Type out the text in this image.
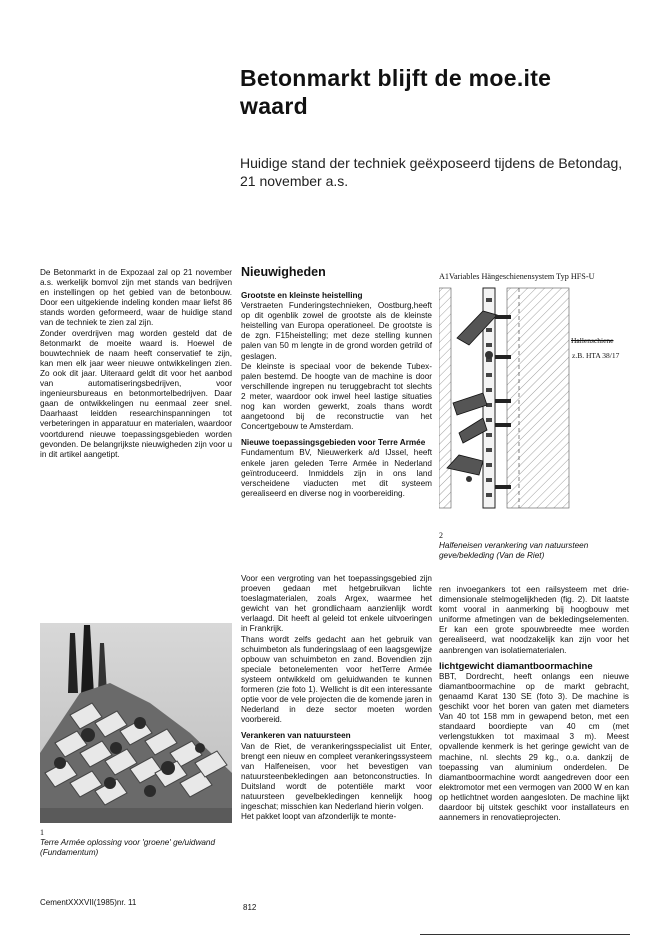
Betonmarkt blijft de moe.ite waard
Huidige stand der techniek geëxposeerd tijdens de Betondag, 21 november a.s.

De Betonmarkt in de Expozaal zal op 21 november a.s. werkelijk bomvol zijn met stands van bedrijven en instellingen op het gebied van de betonbouw. Door een uitgekiende indeling konden maar liefst 86 stands worden geformeerd, waar de huidige stand van de techniek te zien zal zijn.

Zonder overdrijven mag worden gesteld dat de 8etonmarkt de moeite waard is. Hoewel de bouwtechniek de naam heeft conservatief te zijn, kan men elk jaar weer nieuwe ontwikkelingen zien. Zo ook dit jaar. Uiteraard geldt dit voor het aanbod van automatiseringsbedrijven, voor ingenieursbureaus en betonmortelbedrijven. Daar gaan de ontwikkelingen nu eenmaal zeer snel. Daarhaast leidden researchinspanningen tot verbeteringen in apparatuur en materialen, waardoor voortdurend nieuwe toepassingsgebieden worden gevonden. De belangrijkste nieuwigheden zijn voor u in dit artikel aangetipt.

1
Terre Armée oplossing voor 'groene' ge/uidwand (Fundamentum)
Nieuwigheden

Grootste en kleinste heistelling

Verstraeten Funderingstechnieken, Oostburg,heeft op dit ogenblik zowel de grootste als de kleinste heistelling van Europa operationeel. De grootste is de zgn. F15heistelling; met deze stelling kunnen palen van 50 m lengte in de grond worden getrild of geslagen.

De kleinste is speciaal voor de bekende Tubex-palen bestemd. De hoogte van de machine is door verschillende ingrepen nu teruggebracht tot slechts 2 meter, waardoor ook inwel heel lastige situaties nog kan worden gewerkt, zoals thans wordt aangetoond bij de reconstructie van het Concertgebouw te Amsterdam.

Nieuwe toepassingsgebieden voor Terre Armée

Fundamentum BV, Nieuwerkerk a/d IJssel, heeft enkele jaren geleden Terre Armée in Nederland geïntroduceerd. Inmiddels zijn in ons land verscheidene viaducten met dit systeem gerealiseerd en diverse nog in voorbereiding.

Voor een vergroting van het toepassingsgebied zijn proeven gedaan met hetgebruikvan lichte toeslagmaterialen, zoals Argex, waarmee het gewicht van het grondlichaam aanzienlijk wordt verlaagd. Dit heeft al geleid tot enkele uitvoeringen in Frankrijk.

Thans wordt zelfs gedacht aan het gebruik van schuimbeton als funderingslaag of een laagsgewijze opbouw van schuimbeton en zand. Bovendien zijn speciale betonelementen voor hetTerre Armée systeem ontwikkeld om geluidwanden te kunnen formeren (zie foto 1). Wellicht is dit een interessante optie voor de vele projecten die de komende jaren in Nederland in deze sector moeten worden voorbereid.

Verankeren van natuursteen

Van de Riet, de verankeringsspecialist uit Enter, brengt een nieuw en compleet verankeringssysteem van Halfeneisen, voor het bevestigen van natuursteenbekledingen aan betonconstructies. In Duitsland wordt de potentiële markt voor natuursteen gevelbekledingen kennelijk hoog ingeschat; misschien kan Nederland hierin volgen.

Het pakket loopt van afzonderlijk te monte-

A1Variables Hängeschienensystem Typ HFS-U
Hallenschiene
z.B. HTA 38/17
2
Halfeneisen verankering van natuursteen geve/bekleding (Van de Riet)

ren invoegankers tot een railsysteem met drie-dimensionale stelmogelijkheden (fig. 2). Dit laatste komt vooral in aanmerking bij hoogbouw met uniforme afmetingen van de bekledingselementen. Er kan een grote spouwbreedte mee worden gerealiseerd, wat noodzakelijk kan zijn voor het aanbrengen van isolatiematerialen.

lichtgewicht diamantboormachine

BBT, Dordrecht, heeft onlangs een nieuwe diamantboormachine op de markt gebracht, genaamd Karat 130 SE (foto 3). De machine is geschikt voor het boren van gaten met diameters Van 40 tot 158 mm in gewapend beton, met een standaard boordiepte van 40 cm (met verlengstukken tot maximaal 3 m). Meest opvallende kenmerk is het geringe gewicht van de machine, nl. slechts 29 kg., o.a. dankzij de toepassing van aluminium onderdelen. De diamantboormachine wordt aangedreven door een elektromotor met een vermogen van 2000 W en kan op hetlichtnet worden aangesloten. De machine lijkt daardoor bij uitstek geschikt voor installateurs en aannemers in renovatieprojecten.

CementXXXVII(1985)nr. 11
812
